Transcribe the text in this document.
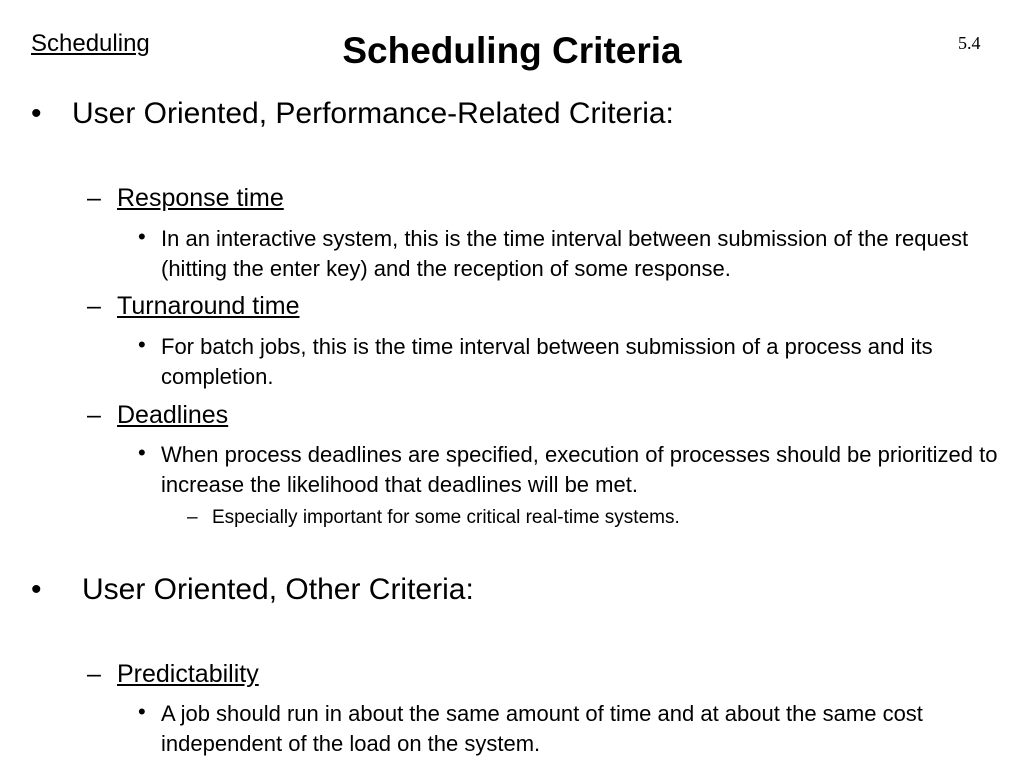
Scheduling	Scheduling Criteria	5.4
• User Oriented, Performance-Related Criteria:
– Response time
• In an interactive system, this is the time interval between submission of the request (hitting the enter key) and the reception of some response.
– Turnaround time
• For batch jobs, this is the time interval between submission of a process and its completion.
– Deadlines
• When process deadlines are specified, execution of processes should be prioritized to increase the likelihood that deadlines will be met.
– Especially important for some critical real-time systems.
• User Oriented, Other Criteria:
– Predictability
• A job should run in about the same amount of time and at about the same cost independent of the load on the system.
